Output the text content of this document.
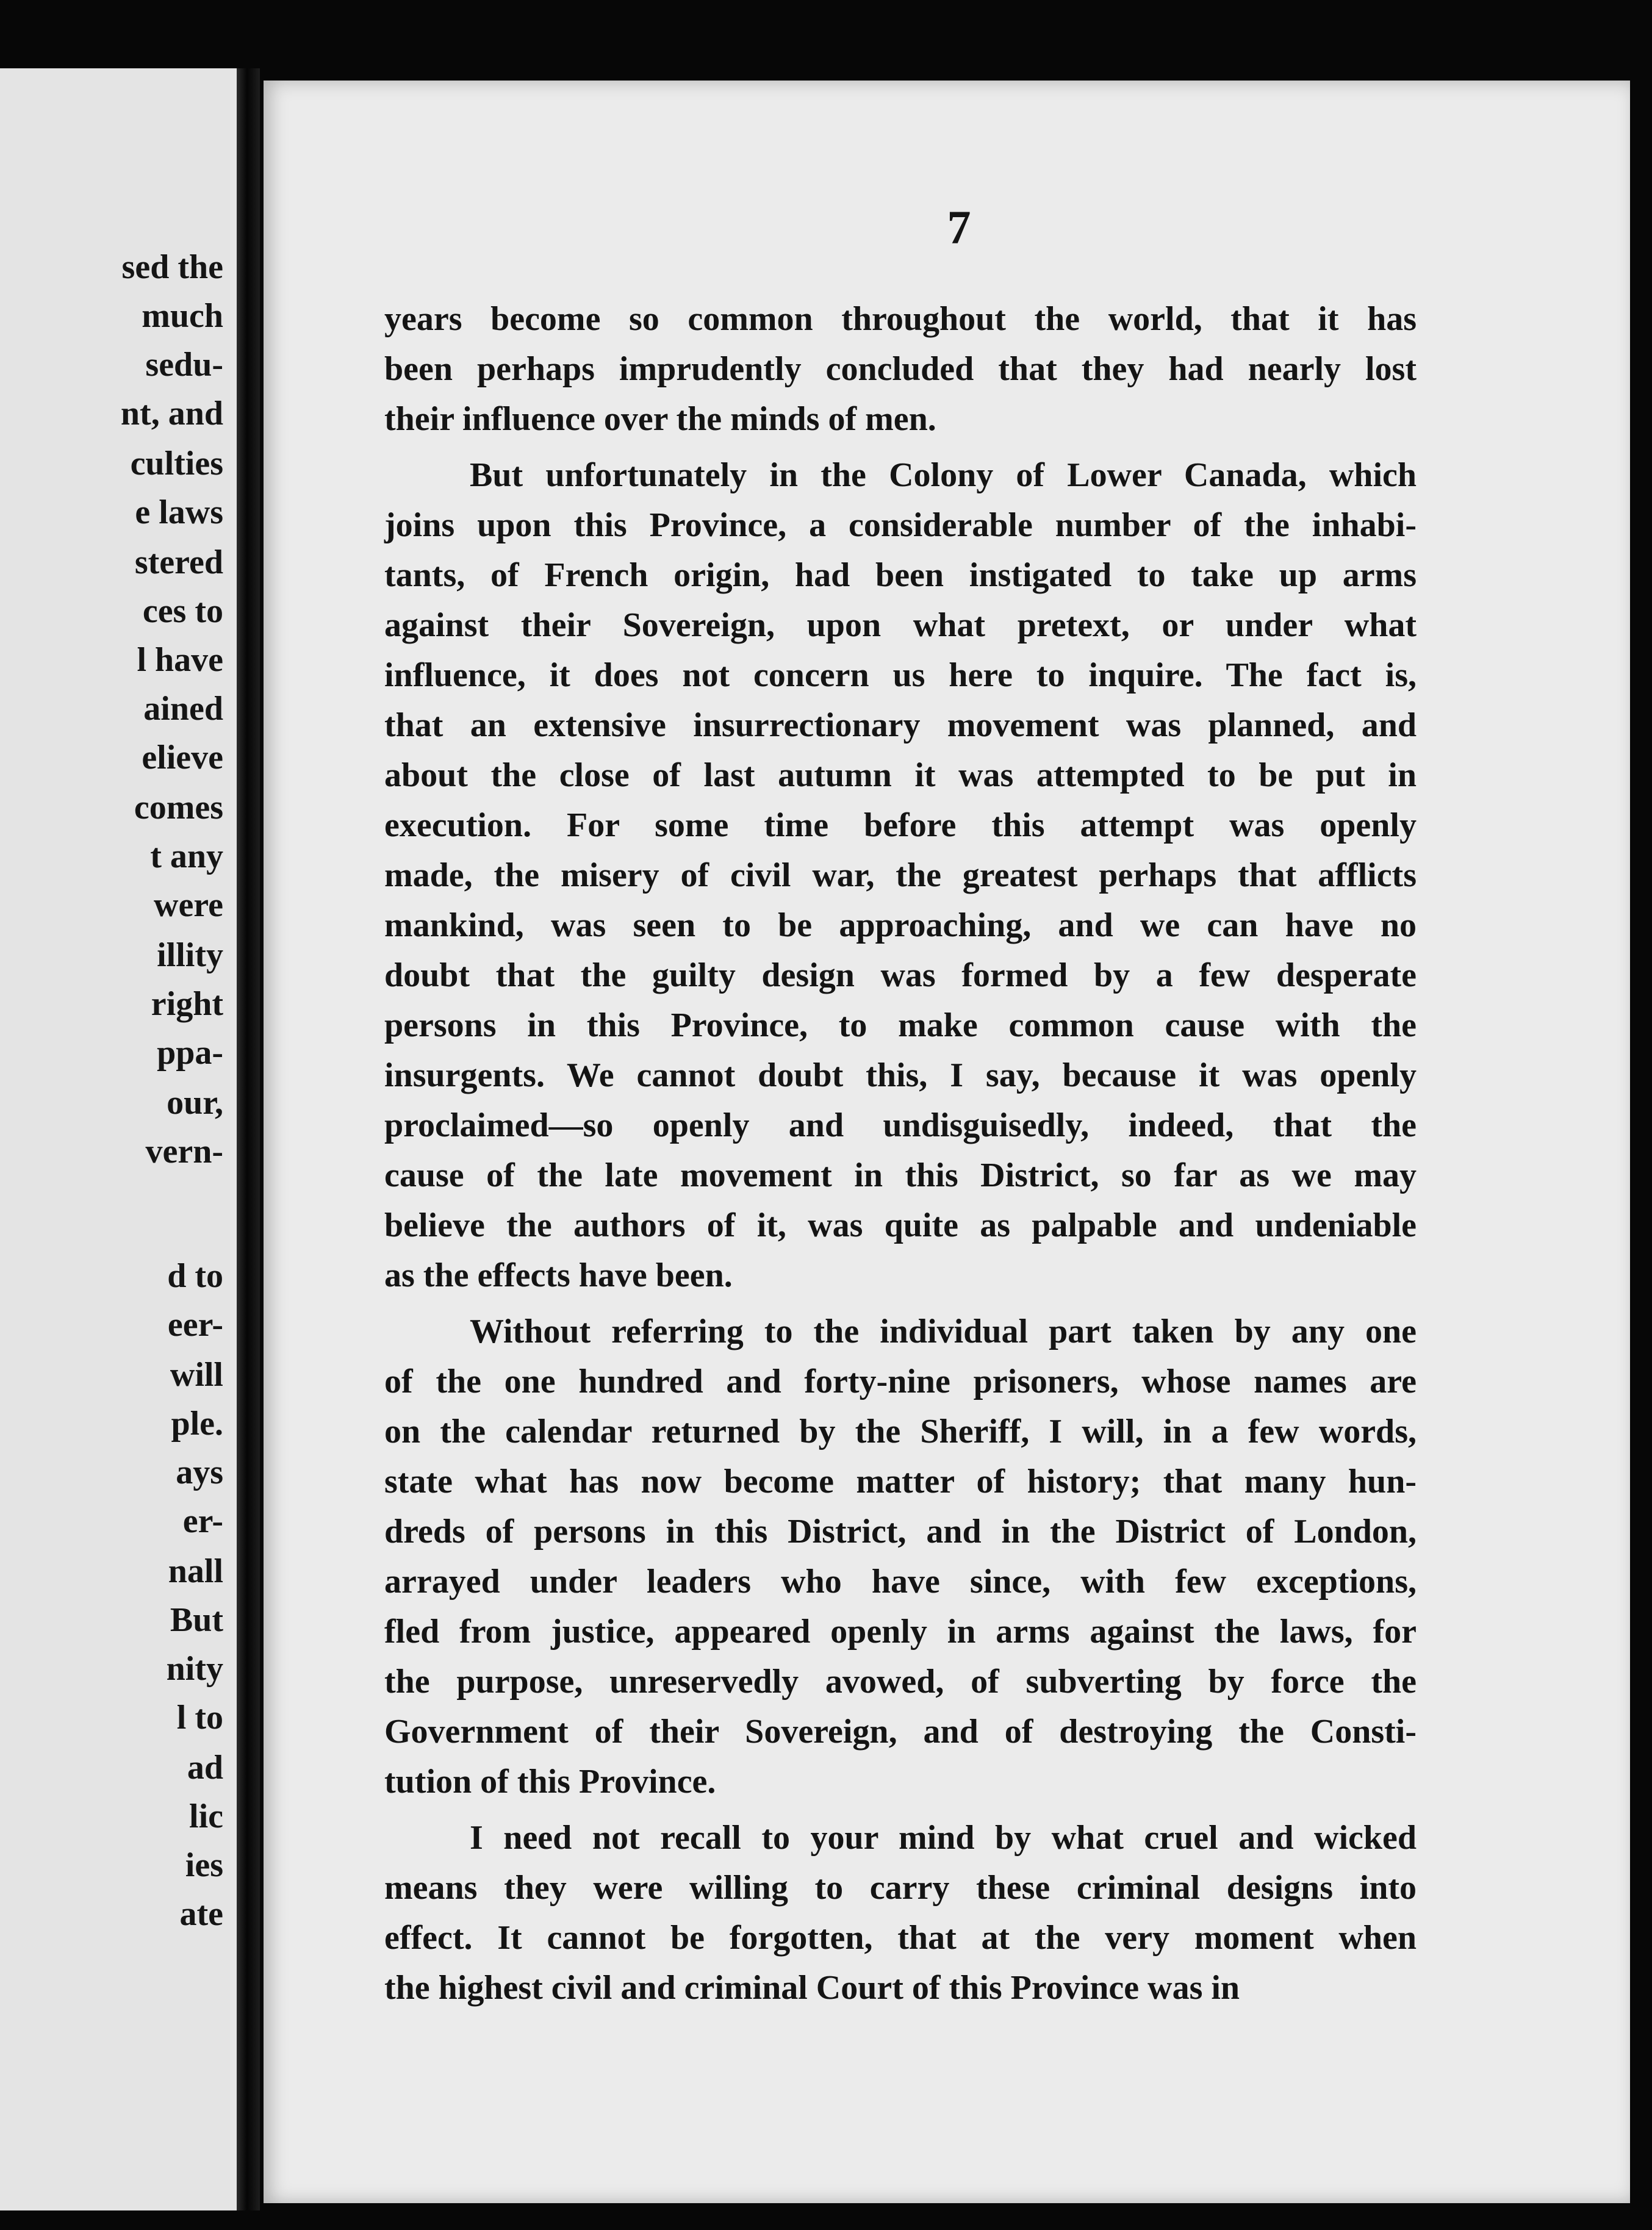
sed the
much
sedu-
nt, and
culties
e laws
stered
ces to
l have
ained
elieve
comes
t any
were
illity
right
ppa-
our,
vern-
d to
eer-
will
ple.
ays
er-
nall
But
nity
l to
ad
lic
ies
ate
7
years become so common throughout the world, that it has
been perhaps imprudently concluded that they had nearly lost
their influence over the minds of men.
But unfortunately in the Colony of Lower Canada, which
joins upon this Province, a considerable number of the inhabi-
tants, of French origin, had been instigated to take up arms
against their Sovereign, upon what pretext, or under what
influence, it does not concern us here to inquire. The fact is,
that an extensive insurrectionary movement was planned, and
about the close of last autumn it was attempted to be put in
execution. For some time before this attempt was openly
made, the misery of civil war, the greatest perhaps that afflicts
mankind, was seen to be approaching, and we can have no
doubt that the guilty design was formed by a few desperate
persons in this Province, to make common cause with the
insurgents. We cannot doubt this, I say, because it was openly
proclaimed—so openly and undisguisedly, indeed, that the
cause of the late movement in this District, so far as we may
believe the authors of it, was quite as palpable and undeniable
as the effects have been.
Without referring to the individual part taken by any one
of the one hundred and forty-nine prisoners, whose names are
on the calendar returned by the Sheriff, I will, in a few words,
state what has now become matter of history; that many hun-
dreds of persons in this District, and in the District of London,
arrayed under leaders who have since, with few exceptions,
fled from justice, appeared openly in arms against the laws, for
the purpose, unreservedly avowed, of subverting by force the
Government of their Sovereign, and of destroying the Consti-
tution of this Province.
I need not recall to your mind by what cruel and wicked
means they were willing to carry these criminal designs into
effect. It cannot be forgotten, that at the very moment when
the highest civil and criminal Court of this Province was in
